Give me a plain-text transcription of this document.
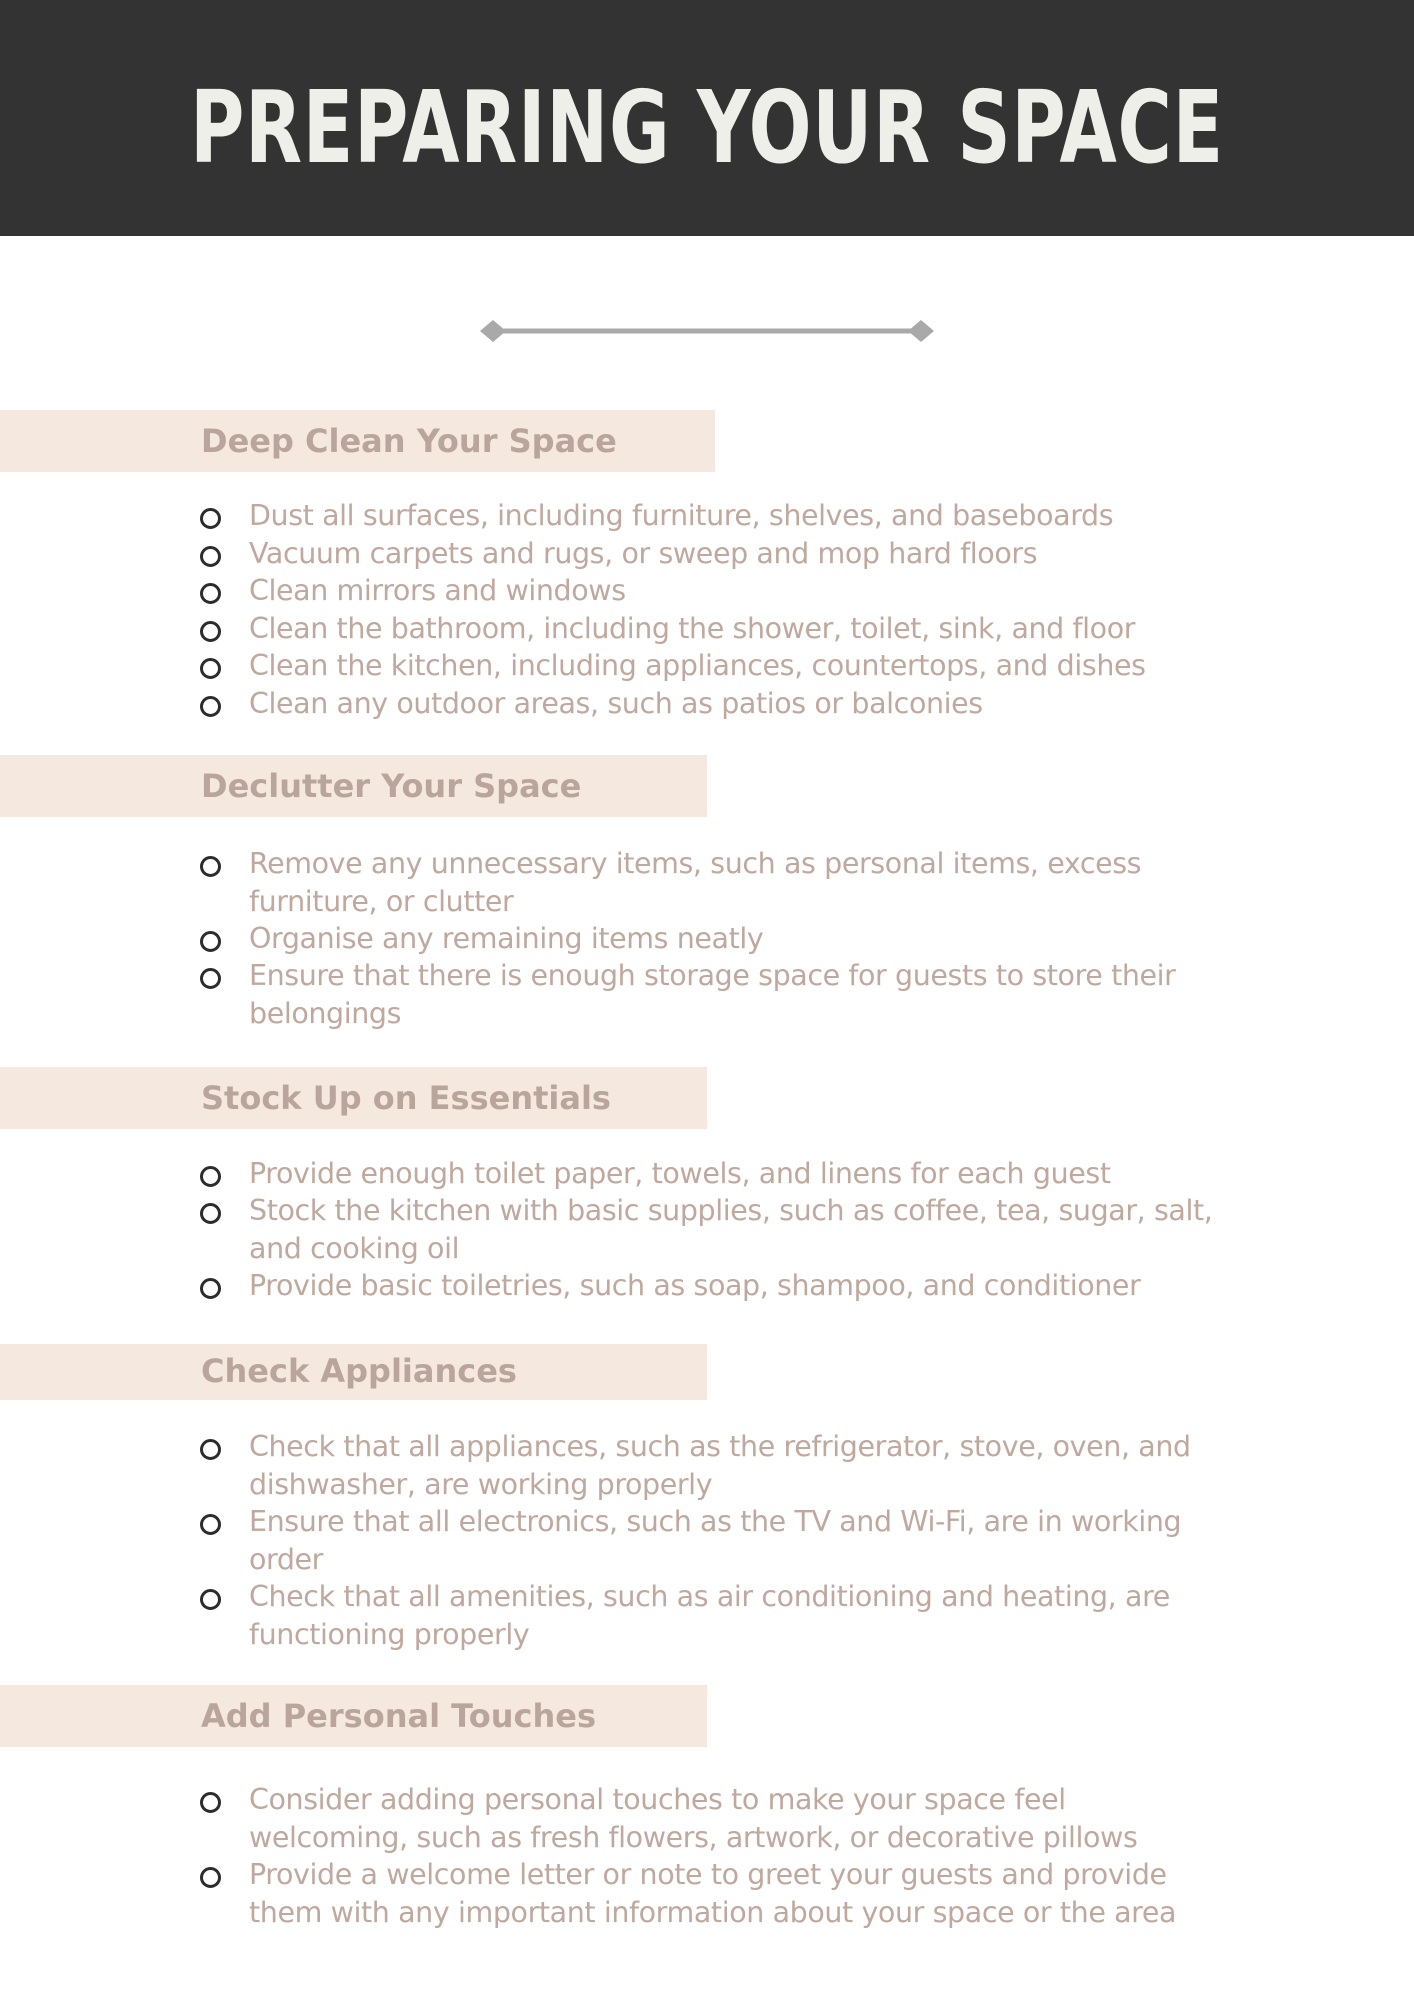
PREPARING YOUR SPACE
Deep Clean Your Space
Dust all surfaces, including furniture, shelves, and baseboards
Vacuum carpets and rugs, or sweep and mop hard floors
Clean mirrors and windows
Clean the bathroom, including the shower, toilet, sink, and floor
Clean the kitchen, including appliances, countertops, and dishes
Clean any outdoor areas, such as patios or balconies
Declutter Your Space
Remove any unnecessary items, such as personal items, excess
furniture, or clutter
Organise any remaining items neatly
Ensure that there is enough storage space for guests to store their
belongings
Stock Up on Essentials
Provide enough toilet paper, towels, and linens for each guest
Stock the kitchen with basic supplies, such as coffee, tea, sugar, salt,
and cooking oil
Provide basic toiletries, such as soap, shampoo, and conditioner
Check Appliances
Check that all appliances, such as the refrigerator, stove, oven, and
dishwasher, are working properly
Ensure that all electronics, such as the TV and Wi-Fi, are in working
order
Check that all amenities, such as air conditioning and heating, are
functioning properly
Add Personal Touches
Consider adding personal touches to make your space feel
welcoming, such as fresh flowers, artwork, or decorative pillows
Provide a welcome letter or note to greet your guests and provide
them with any important information about your space or the area
